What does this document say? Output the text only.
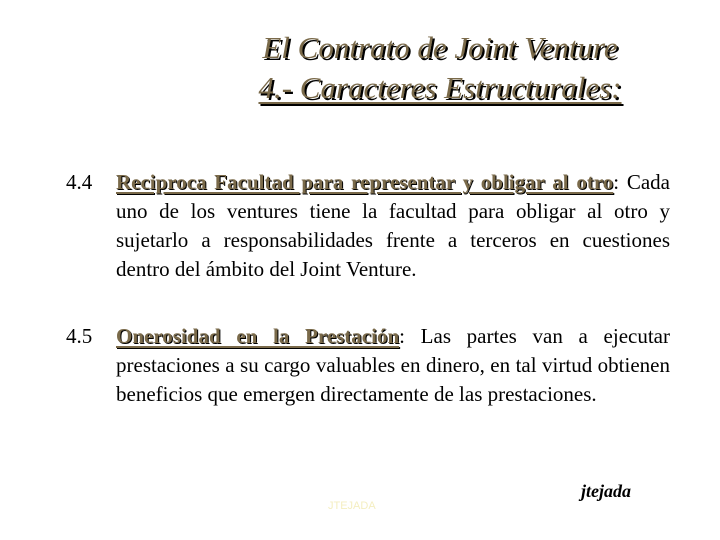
El Contrato de Joint Venture
4.- Caracteres Estructurales:
4.4	Reciproca Facultad para representar y obligar al otro: Cada uno de los ventures tiene la facultad para obligar al otro y sujetarlo a responsabilidades frente a terceros en cuestiones dentro del ámbito del Joint Venture.
4.5	Onerosidad en la Prestación: Las partes van a ejecutar prestaciones a su cargo valuables en dinero, en tal virtud obtienen beneficios que emergen directamente de las prestaciones.
JTEJADA
jtejada
